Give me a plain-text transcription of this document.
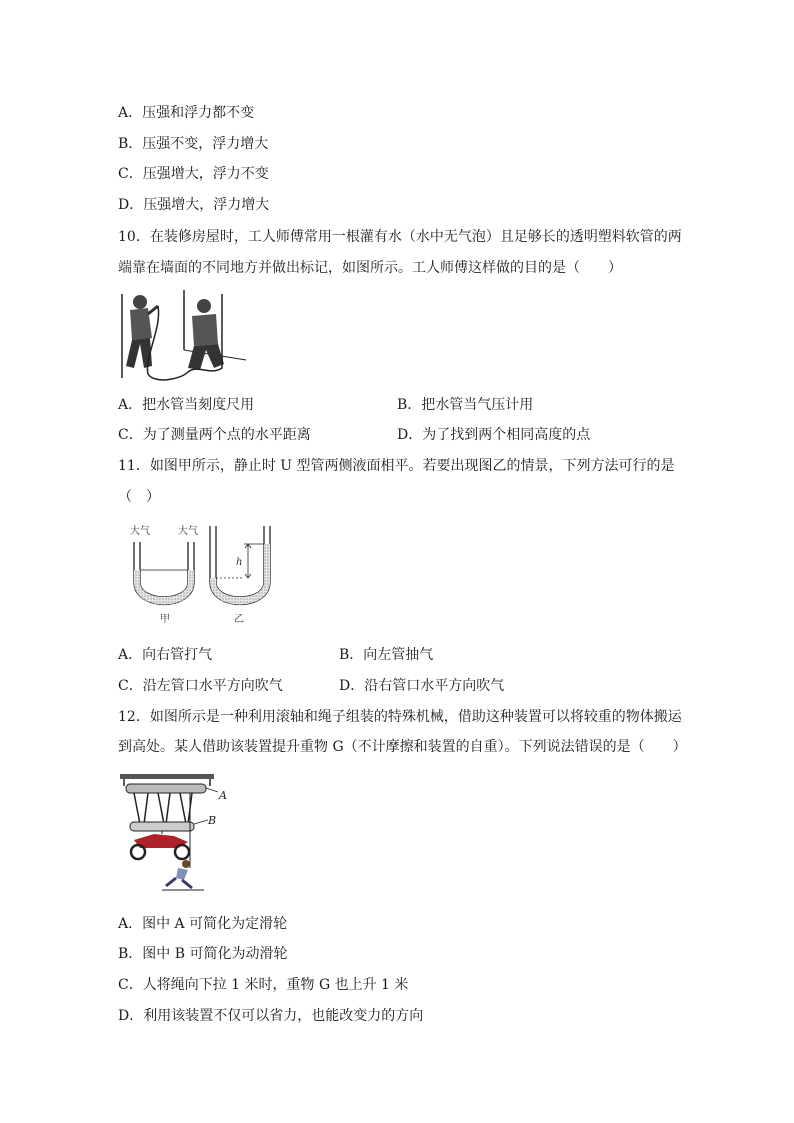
A．压强和浮力都不变
B．压强不变，浮力增大
C．压强增大，浮力不变
D．压强增大，浮力增大
10．在装修房屋时，工人师傅常用一根灌有水（水中无气泡）且足够长的透明塑料软管的两
端靠在墙面的不同地方并做出标记，如图所示。工人师傅这样做的目的是（　　）
A．把水管当刻度尺用	B．把水管当气压计用
C．为了测量两个点的水平距离	D．为了找到两个相同高度的点
11．如图甲所示，静止时 U 型管两侧液面相平。若要出现图乙的情景，下列方法可行的是
（　）
大气	大气
甲
h
乙
A．向右管打气	B．向左管抽气
C．沿左管口水平方向吹气	D．沿右管口水平方向吹气
12．如图所示是一种利用滚轴和绳子组装的特殊机械，借助这种装置可以将较重的物体搬运
到高处。某人借助该装置提升重物 G（不计摩擦和装置的自重）。下列说法错误的是（　　）
A
B
A．图中 A 可简化为定滑轮
B．图中 B 可简化为动滑轮
C．人将绳向下拉 1 米时，重物 G 也上升 1 米
D．利用该装置不仅可以省力，也能改变力的方向
